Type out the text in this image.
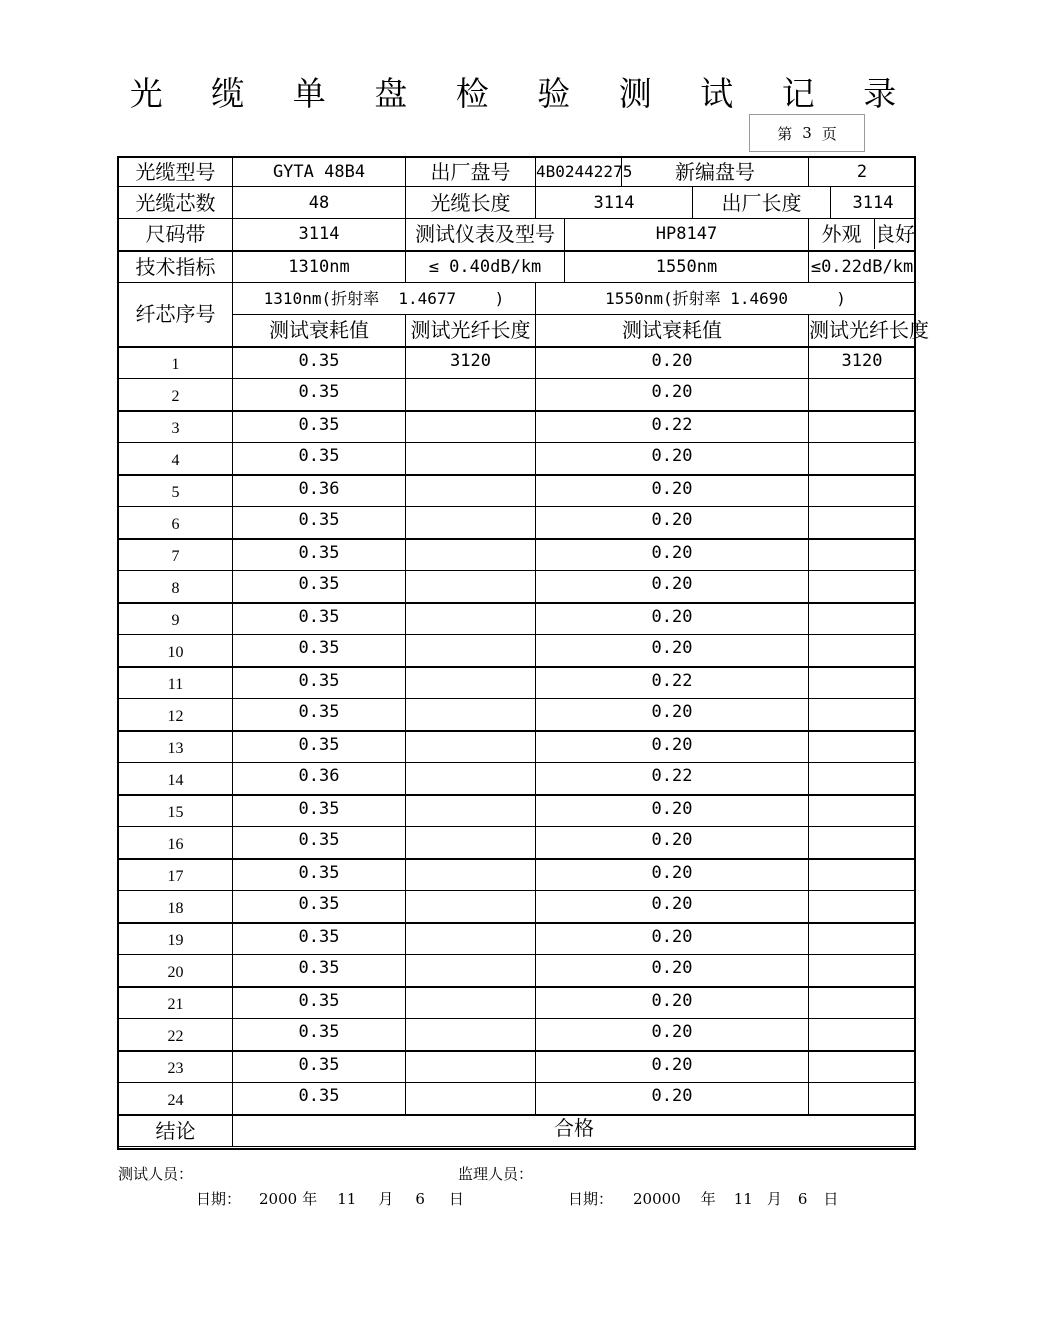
光 缆 单 盘 检 验 测 试 记 录
第 3 页
光缆型号	GYTA 48B4	出厂盘号	4B02442275		新编盘号		2	
光缆芯数	48	光缆长度	3114			出厂长度		3114
尺码带	3114	测试仪表及型号		HP8147			外观 良好	

技术指标	1310nm	≤ 0.40dB/km		1550nm			≤0.22dB/km	
纤芯序号	1310nm(折射率  1.4677    )		1550nm(折射率 1.4690     )					
	测试衰耗值	测试光纤长度	测试衰耗值				测试光纤长度	
1	0.35	3120	0.20				3120	
2	0.35		0.20					
3	0.35		0.22					
4	0.35		0.20					
5	0.36		0.20					
6	0.35		0.20					
7	0.35		0.20					
8	0.35		0.20					
9	0.35		0.20					
10	0.35		0.20					
11	0.35		0.22					
12	0.35		0.20					
13	0.35		0.20					
14	0.36		0.22					
15	0.35		0.20					
16	0.35		0.20					
17	0.35		0.20					
18	0.35		0.20					
19	0.35		0.20					
20	0.35		0.20					
21	0.35		0.20					
22	0.35		0.20					
23	0.35		0.20					
24	0.35		0.20					
结论	合格							
测试人员：	监理人员：
日期： 2000 年 11 月 6 日	日期： 20000 年 11 月 6 日
